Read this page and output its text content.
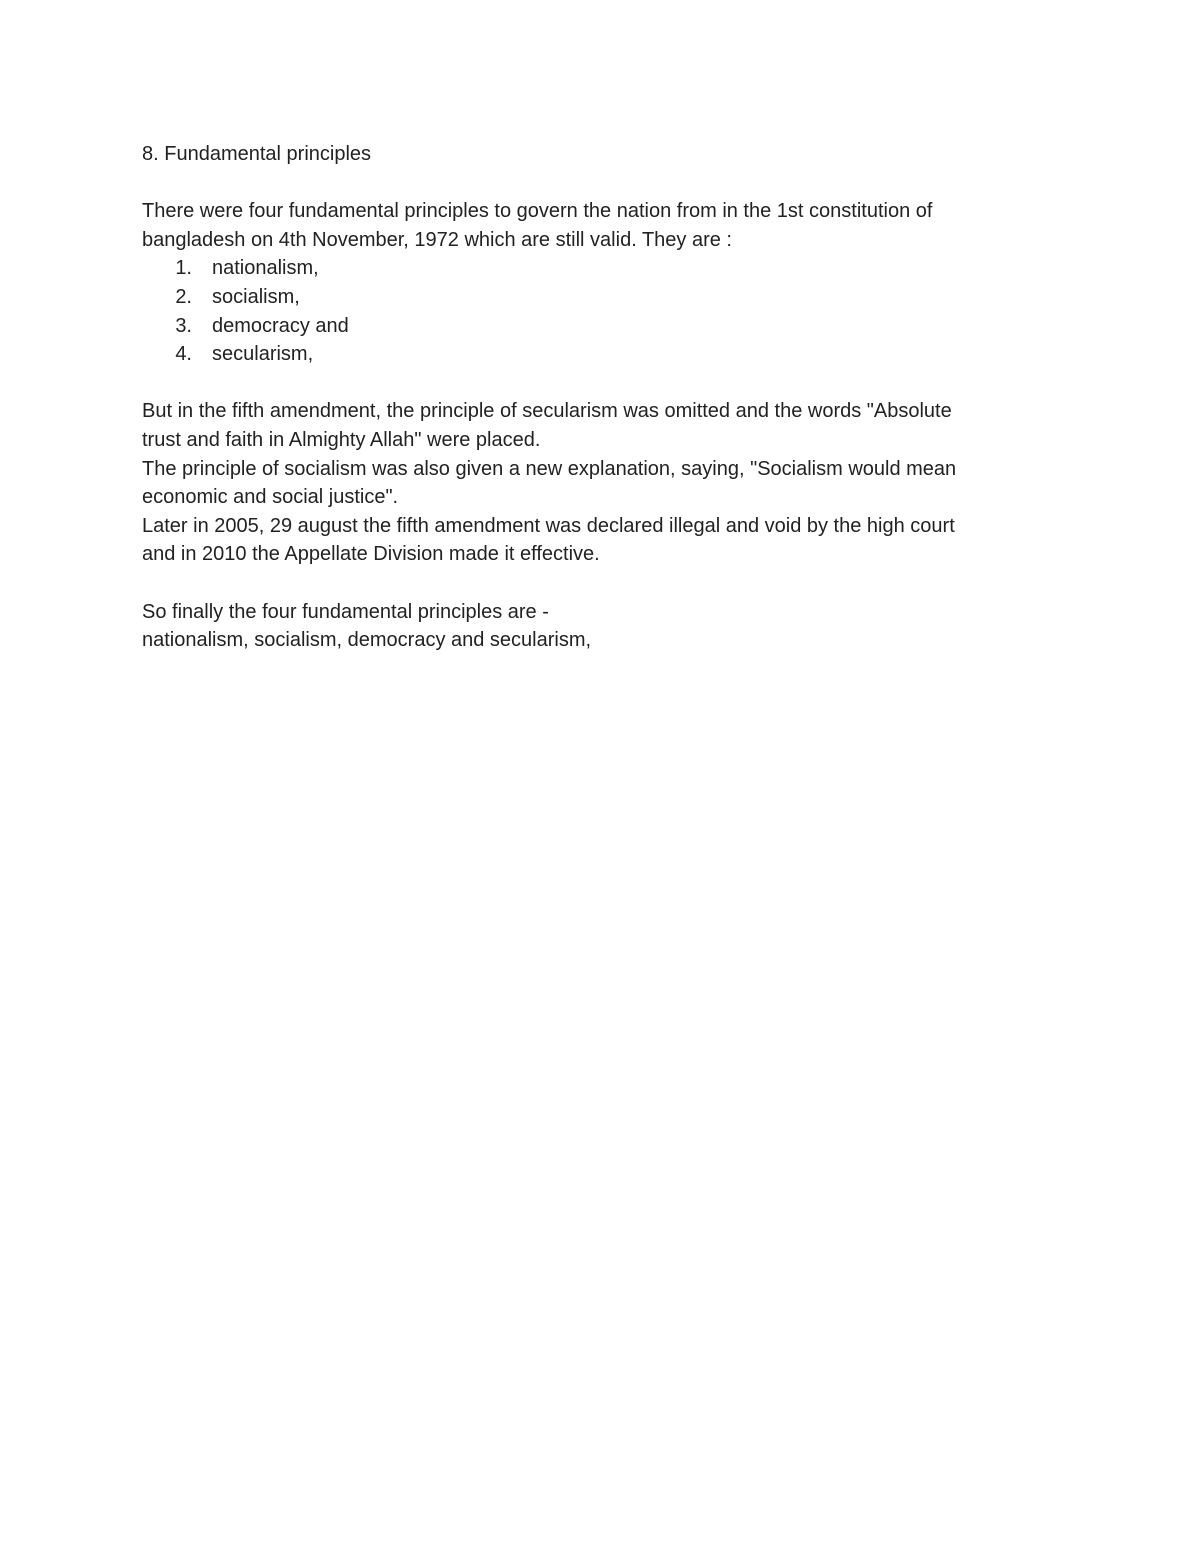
8. Fundamental principles
There were four fundamental principles to govern the nation from in the 1st constitution of
bangladesh on 4th November, 1972 which are still valid. They are :
1.	nationalism,
2.	socialism,
3.	democracy and
4.	secularism,
But in the fifth amendment, the principle of secularism was omitted and the words "Absolute
trust and faith in Almighty Allah" were placed.
The principle of socialism was also given a new explanation, saying, "Socialism would mean
economic and social justice".
Later in 2005, 29 august the fifth amendment was declared illegal and void by the high court
and in 2010 the Appellate Division made it effective.
So finally the four fundamental principles are -
nationalism, socialism, democracy and secularism,
